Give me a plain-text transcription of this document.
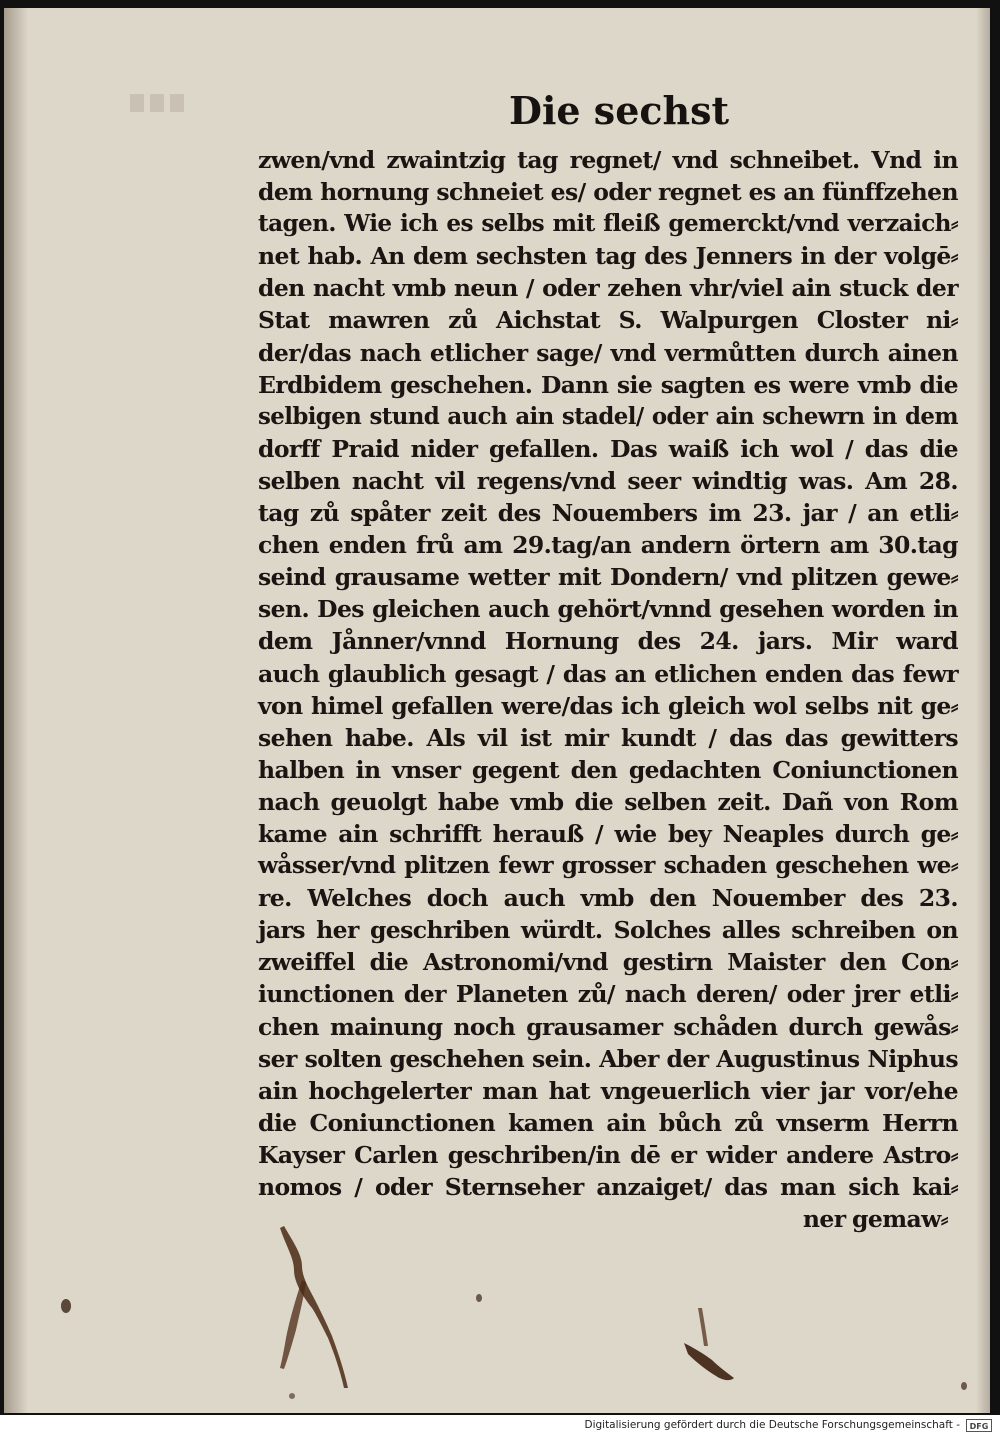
Die sechst
zwen/vnd zwaintzig tag regnet/ vnd schneibet. Vnd in
dem hornung schneiet es/ oder regnet es an fünffzehen
tagen. Wie ich es selbs mit fleiß gemerckt/vnd verzaich⸗
net hab. An dem sechsten tag des Jenners in der volgē⸗
den nacht vmb neun / oder zehen vhr/viel ain stuck der
Stat mawren zů Aichstat S. Walpurgen Closter ni⸗
der/das nach etlicher sage/ vnd vermůtten durch ainen
Erdbidem geschehen. Dann sie sagten es were vmb die
selbigen stund auch ain stadel/ oder ain schewrn in dem
dorff Praid nider gefallen. Das waiß ich wol / das die
selben nacht vil regens/vnd seer windtig was. Am 28.
tag zů spåter zeit des Nouembers im 23. jar / an etli⸗
chen enden frů am 29.tag/an andern örtern am 30.tag
seind grausame wetter mit Dondern/ vnd plitzen gewe⸗
sen. Des gleichen auch gehört/vnnd gesehen worden in
dem Jånner/vnnd Hornung des 24. jars. Mir ward
auch glaublich gesagt / das an etlichen enden das fewr
von himel gefallen were/das ich gleich wol selbs nit ge⸗
sehen habe. Als vil ist mir kundt / das das gewitters
halben in vnser gegent den gedachten Coniunctionen
nach geuolgt habe vmb die selben zeit. Dañ von Rom
kame ain schrifft herauß / wie bey Neaples durch ge⸗
wåsser/vnd plitzen fewr grosser schaden geschehen we⸗
re. Welches doch auch vmb den Nouember des 23.
jars her geschriben würdt. Solches alles schreiben on
zweiffel die Astronomi/vnd gestirn Maister den Con⸗
iunctionen der Planeten zů/ nach deren/ oder jrer etli⸗
chen mainung noch grausamer schåden durch gewås⸗
ser solten geschehen sein. Aber der Augustinus Niphus
ain hochgelerter man hat vngeuerlich vier jar vor/ehe
die Coniunctionen kamen ain bůch zů vnserm Herrn
Kayser Carlen geschriben/in dē er wider andere Astro⸗
nomos / oder Sternseher anzaiget/ das man sich kai⸗
ner gemaw⸗
Digitalisierung gefördert durch die Deutsche Forschungsgemeinschaft -	DFG
